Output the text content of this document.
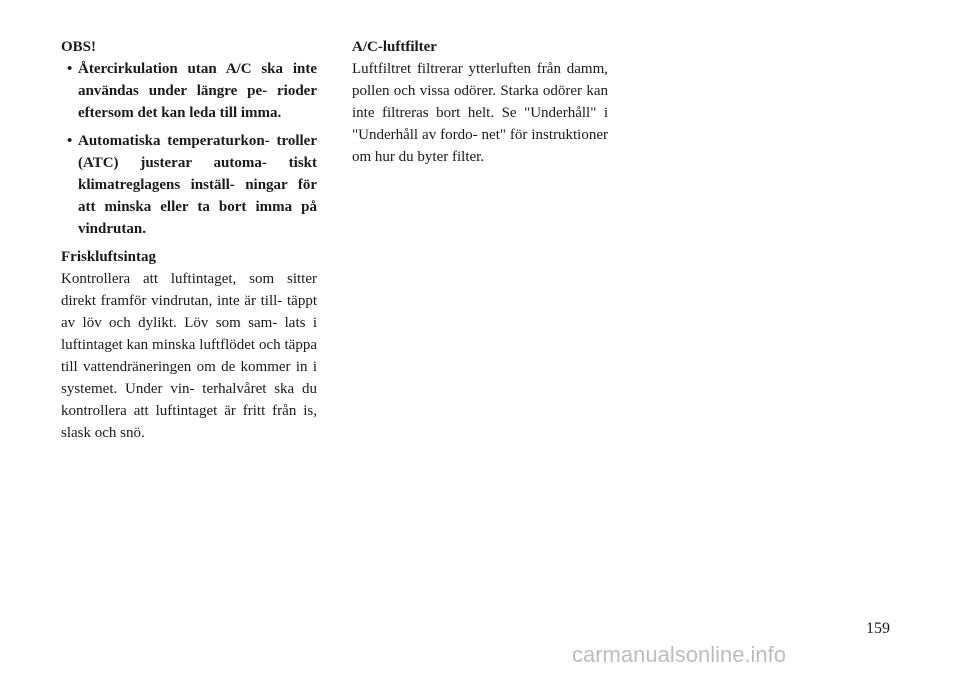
OBS!

• Återcirkulation utan A/C ska inte användas under längre pe- rioder eftersom det kan leda till imma.
• Automatiska temperaturkon- troller (ATC) justerar automa- tiskt klimatreglagens inställ- ningar för att minska eller ta bort imma på vindrutan.

Friskluftsintag

Kontrollera att luftintaget, som sitter direkt framför vindrutan, inte är till- täppt av löv och dylikt. Löv som sam- lats i luftintaget kan minska luftflödet och täppa till vattendräneringen om de kommer in i systemet. Under vin- terhalvåret ska du kontrollera att luftintaget är fritt från is, slask och snö.

A/C-luftfilter

Luftfiltret filtrerar ytterluften från damm, pollen och vissa odörer. Starka odörer kan inte filtreras bort helt. Se "Underhåll" i "Underhåll av fordo- net" för instruktioner om hur du byter filter.

159
carmanualsonline.info
